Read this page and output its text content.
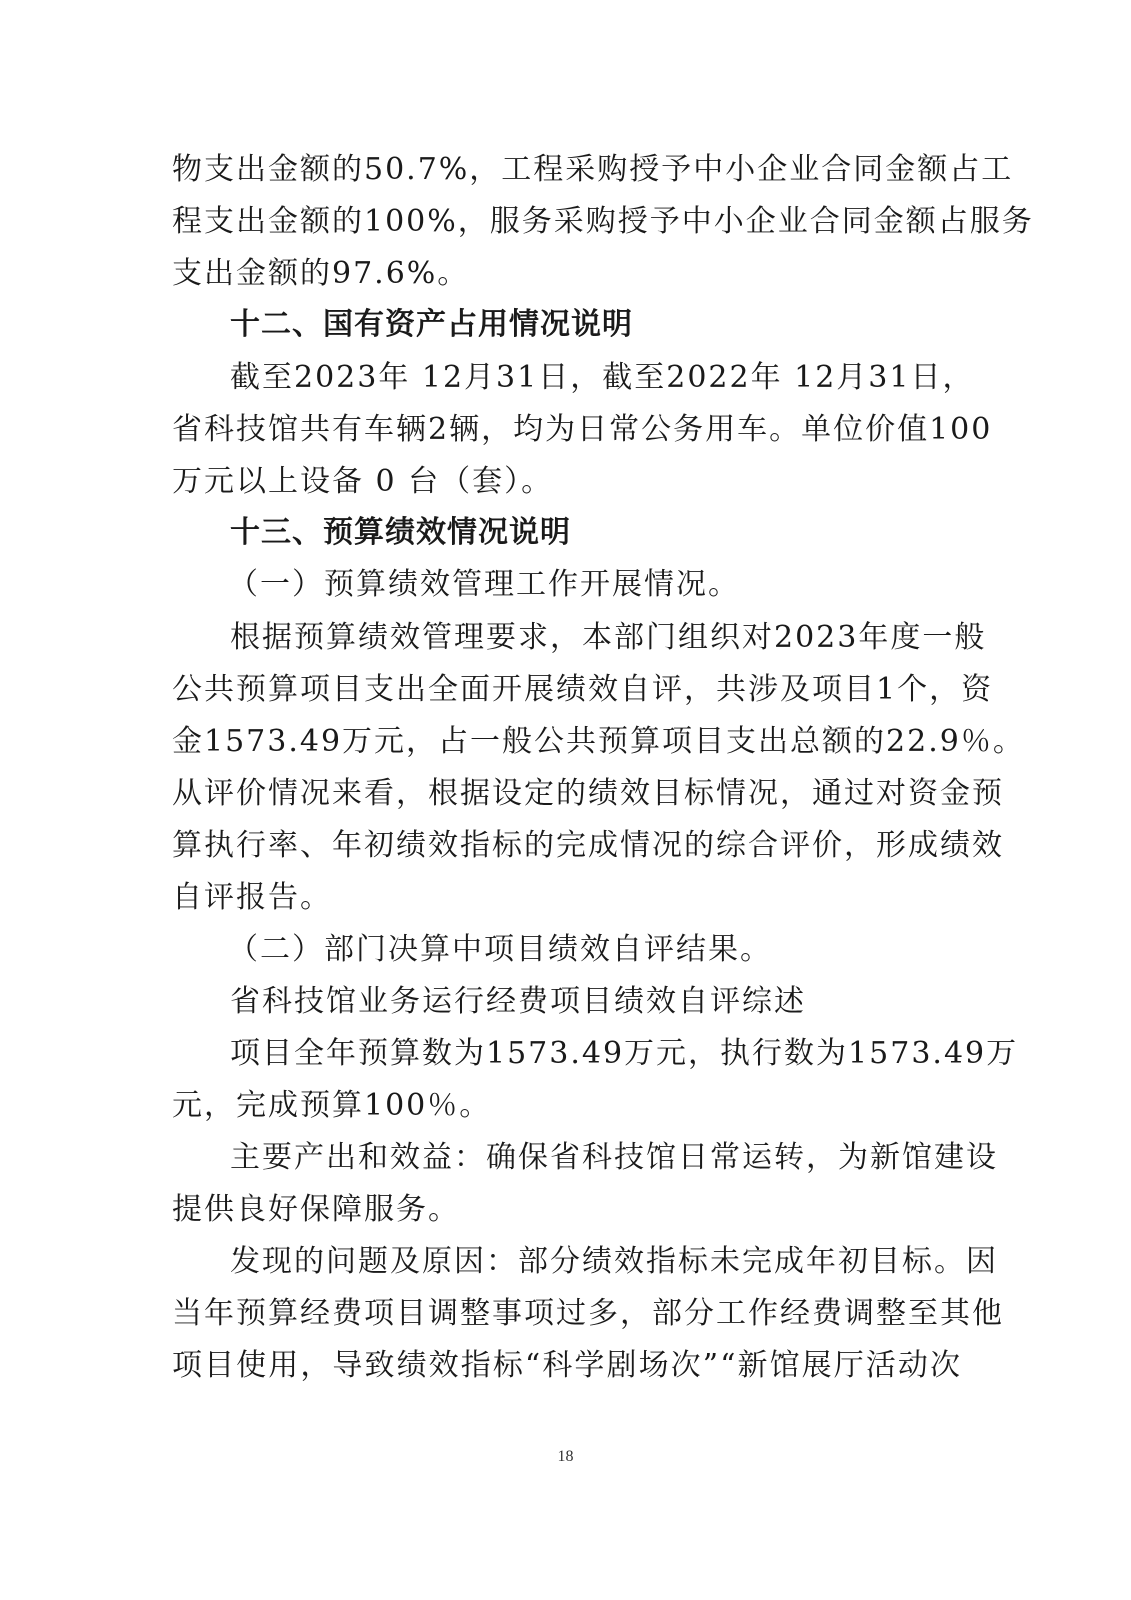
物支出金额的50.7%，工程采购授予中小企业合同金额占工
程支出金额的100%，服务采购授予中小企业合同金额占服务
支出金额的97.6%。
十二、国有资产占用情况说明
截至2023年 12月31日，截至2022年 12月31日，
省科技馆共有车辆2辆，均为日常公务用车。单位价值100
万元以上设备 0 台（套）。
十三、预算绩效情况说明
（一）预算绩效管理工作开展情况。
根据预算绩效管理要求，本部门组织对2023年度一般
公共预算项目支出全面开展绩效自评，共涉及项目1个，资
金1573.49万元，占一般公共预算项目支出总额的22.9％。
从评价情况来看，根据设定的绩效目标情况，通过对资金预
算执行率、年初绩效指标的完成情况的综合评价，形成绩效
自评报告。
（二）部门决算中项目绩效自评结果。
省科技馆业务运行经费项目绩效自评综述
项目全年预算数为1573.49万元，执行数为1573.49万
元，完成预算100％。
主要产出和效益：确保省科技馆日常运转，为新馆建设
提供良好保障服务。
发现的问题及原因：部分绩效指标未完成年初目标。因
当年预算经费项目调整事项过多，部分工作经费调整至其他
项目使用，导致绩效指标“科学剧场次”“新馆展厅活动次
18
